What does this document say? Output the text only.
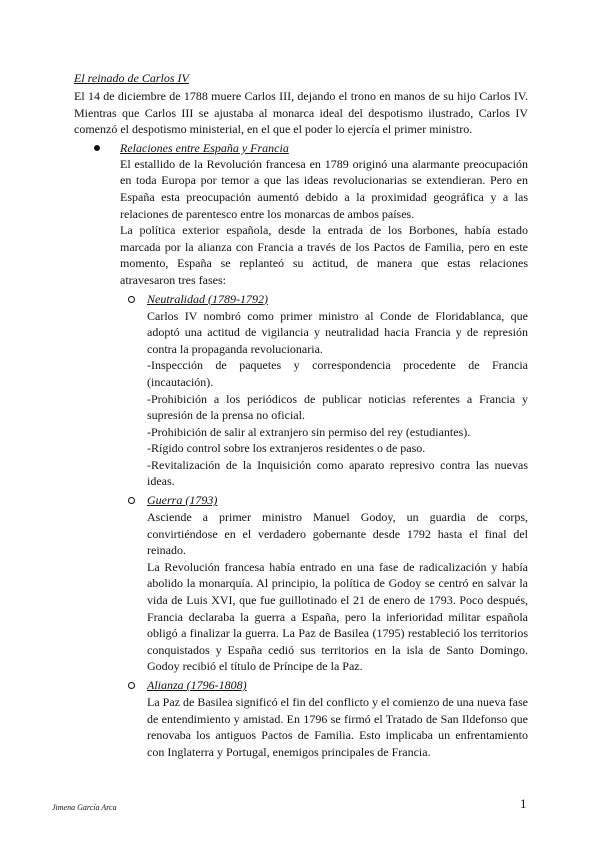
El reinado de Carlos IV

El 14 de diciembre de 1788 muere Carlos III, dejando el trono en manos de su hijo Carlos IV. Mientras que Carlos III se ajustaba al monarca ideal del despotismo ilustrado, Carlos IV comenzó el despotismo ministerial, en el que el poder lo ejercía el primer ministro.

Relaciones entre España y Francia

El estallido de la Revolución francesa en 1789 originó una alarmante preocupación en toda Europa por temor a que las ideas revolucionarias se extendieran. Pero en España esta preocupación aumentó debido a la proximidad geográfica y a las relaciones de parentesco entre los monarcas de ambos países.

La política exterior española, desde la entrada de los Borbones, había estado marcada por la alianza con Francia a través de los Pactos de Familia, pero en este momento, España se replanteó su actitud, de manera que estas relaciones atravesaron tres fases:

Neutralidad (1789-1792)

Carlos IV nombró como primer ministro al Conde de Floridablanca, que adoptó una actitud de vigilancia y neutralidad hacia Francia y de represión contra la propaganda revolucionaria.

-Inspección de paquetes y correspondencia procedente de Francia (incautación).

-Prohibición a los periódicos de publicar noticias referentes a Francia y supresión de la prensa no oficial.

-Prohibición de salir al extranjero sin permiso del rey (estudiantes).

-Rígido control sobre los extranjeros residentes o de paso.

-Revitalización de la Inquisición como aparato represivo contra las nuevas ideas.

Guerra (1793)

Asciende a primer ministro Manuel Godoy, un guardia de corps, convirtiéndose en el verdadero gobernante desde 1792 hasta el final del reinado.

La Revolución francesa había entrado en una fase de radicalización y había abolido la monarquía. Al principio, la política de Godoy se centró en salvar la vida de Luis XVI, que fue guillotinado el 21 de enero de 1793. Poco después, Francia declaraba la guerra a España, pero la inferioridad militar española obligó a finalizar la guerra. La Paz de Basilea (1795) restableció los territorios conquistados y España cedió sus territorios en la isla de Santo Domingo. Godoy recibió el título de Príncipe de la Paz.

Alianza (1796-1808)

La Paz de Basilea significó el fin del conflicto y el comienzo de una nueva fase de entendimiento y amistad. En 1796 se firmó el Tratado de San Ildefonso que renovaba los antiguos Pactos de Familia. Esto implicaba un enfrentamiento con Inglaterra y Portugal, enemigos principales de Francia.

Jimena García Arca	1
